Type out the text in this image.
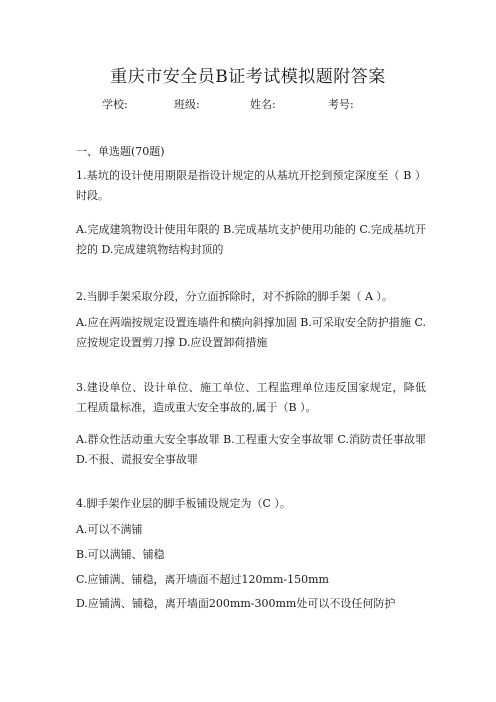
重庆市安全员B证考试模拟题附答案
学校:	班级:	姓名:	考号:
一、单选题(70题)
1.基坑的设计使用期限是指设计规定的从基坑开挖到预定深度至（ B ）时段。
A.完成建筑物设计使用年限的 B.完成基坑支护使用功能的 C.完成基坑开挖的 D.完成建筑物结构封顶的
2.当脚手架采取分段，分立面拆除时，对不拆除的脚手架（ A ）。
A.应在两端按规定设置连墙件和横向斜撑加固 B.可采取安全防护措施 C.应按规定设置剪刀撑 D.应设置卸荷措施
3.建设单位、设计单位、施工单位、工程监理单位违反国家规定，降低工程质量标准，造成重大安全事故的,属于（B ）。
A.群众性活动重大安全事故罪 B.工程重大安全事故罪 C.消防责任事故罪 D.不报、谎报安全事故罪
4.脚手架作业层的脚手板铺设规定为（C ）。
A.可以不满铺
B.可以满铺、铺稳
C.应铺满、铺稳，离开墙面不超过120mm-150mm
D.应铺满、铺稳，离开墙面200mm-300mm处可以不设任何防护
